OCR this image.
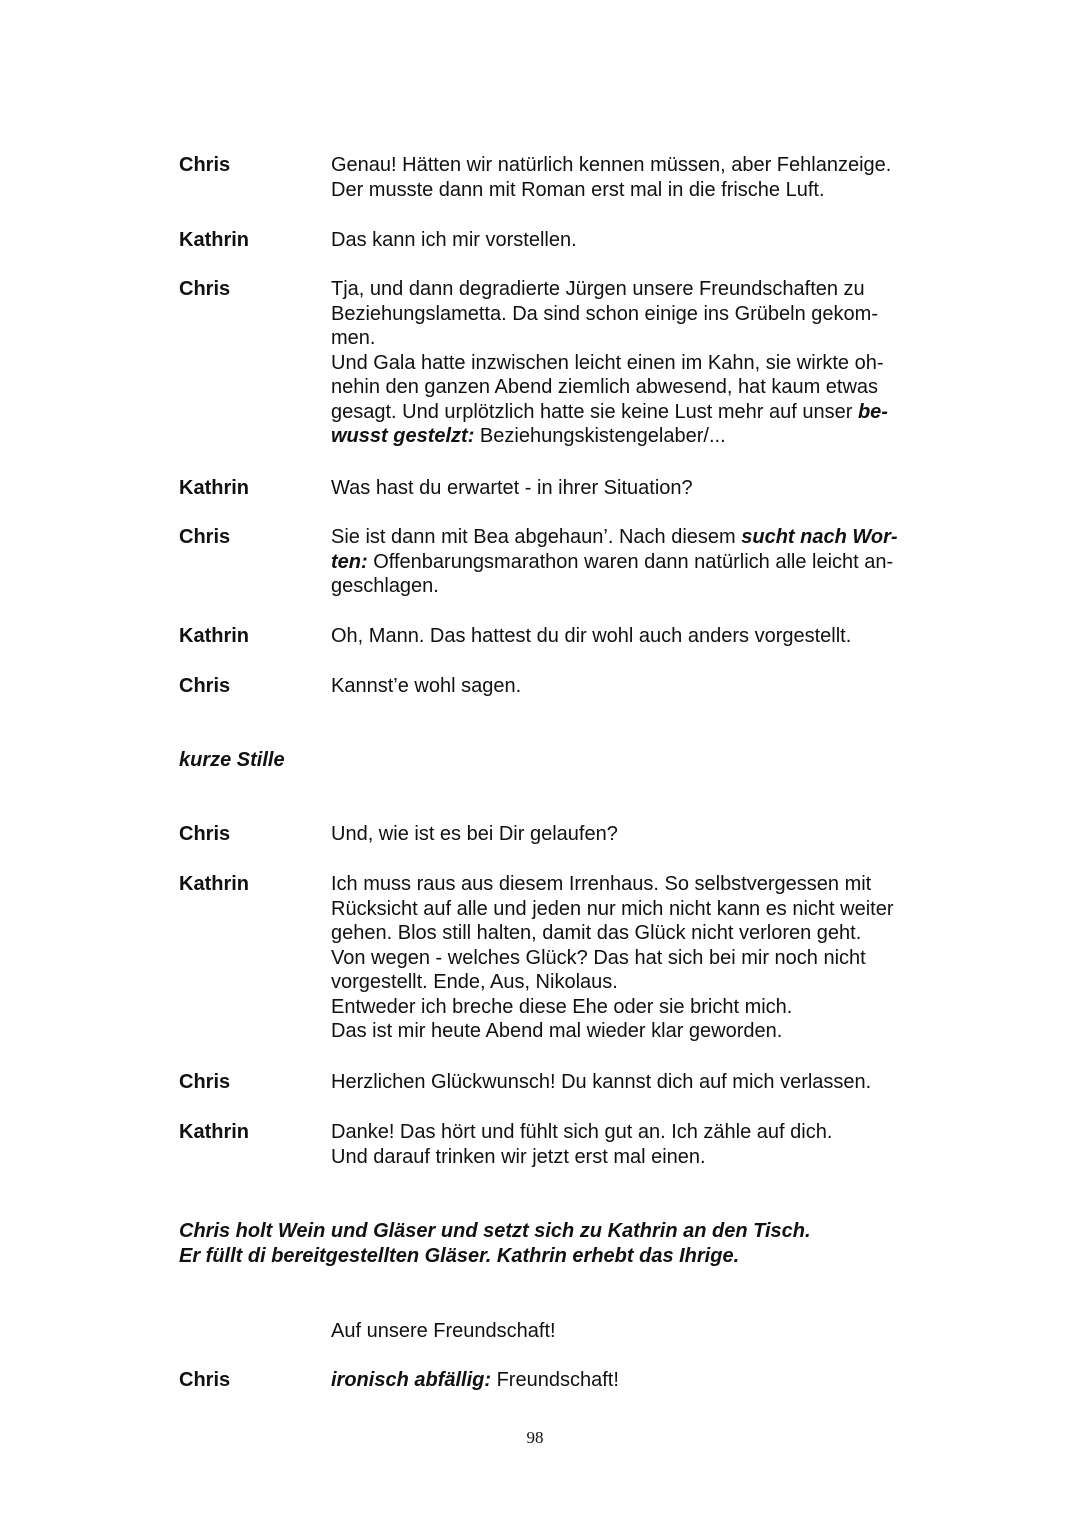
Chris	Genau! Hätten wir natürlich kennen müssen, aber Fehlanzeige.
Der musste dann mit Roman erst mal in die frische Luft.
Kathrin	Das kann ich mir vorstellen.
Chris	Tja, und dann degradierte Jürgen unsere Freundschaften zu
Beziehungslametta. Da sind schon einige ins Grübeln gekom-
men.
Und Gala hatte inzwischen leicht einen im Kahn, sie wirkte oh-
nehin den ganzen Abend ziemlich abwesend, hat kaum etwas
gesagt. Und urplötzlich hatte sie keine Lust mehr auf unser be-
wusst gestelzt: Beziehungskistengelaber/...
Kathrin	Was hast du erwartet - in ihrer Situation?
Chris	Sie ist dann mit Bea abgehaun’. Nach diesem sucht nach Wor-
ten: Offenbarungsmarathon waren dann natürlich alle leicht an-
geschlagen.
Kathrin	Oh, Mann. Das hattest du dir wohl auch anders vorgestellt.
Chris	Kannst’e wohl sagen.
kurze Stille
Chris	Und, wie ist es bei Dir gelaufen?
Kathrin	Ich muss raus aus diesem Irrenhaus. So selbstvergessen mit
Rücksicht auf alle und jeden nur mich nicht kann es nicht weiter
gehen. Blos still halten, damit das Glück nicht verloren geht.
Von wegen - welches Glück? Das hat sich bei mir noch nicht
vorgestellt. Ende, Aus, Nikolaus.
Entweder ich breche diese Ehe oder sie bricht mich.
Das ist mir heute Abend mal wieder klar geworden.
Chris	Herzlichen Glückwunsch! Du kannst dich auf mich verlassen.
Kathrin	Danke! Das hört und fühlt sich gut an. Ich zähle auf dich.
Und darauf trinken wir jetzt erst mal einen.
Chris holt Wein und Gläser und setzt sich zu Kathrin an den Tisch.
Er füllt di bereitgestellten Gläser. Kathrin erhebt das Ihrige.
Auf unsere Freundschaft!
Chris	ironisch abfällig: Freundschaft!
98
